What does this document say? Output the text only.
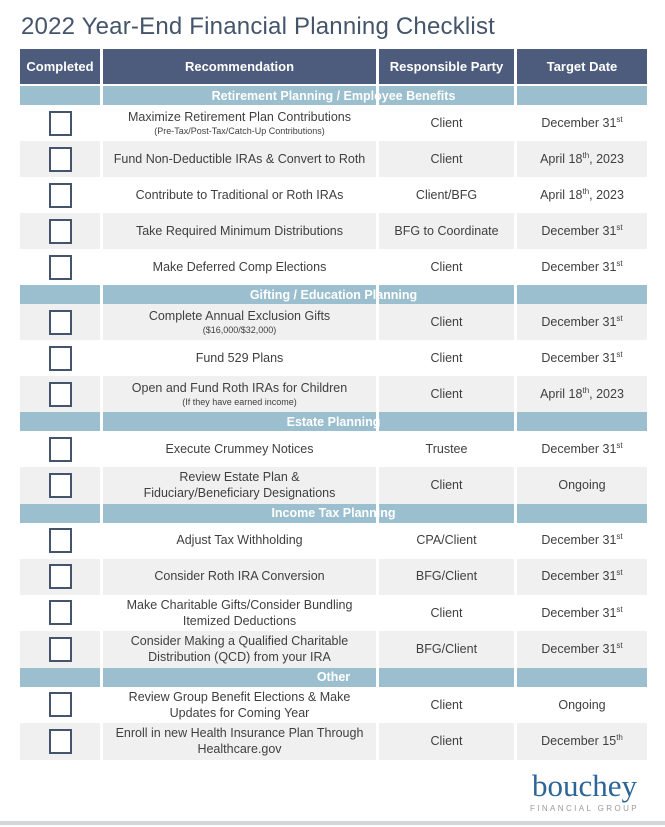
2022 Year-End Financial Planning Checklist
Completed	Recommendation	Responsible Party	Target Date
Retirement Planning / Employee Benefits
Maximize Retirement Plan Contributions
(Pre-Tax/Post-Tax/Catch-Up Contributions)
Client	December 31st
Fund Non-Deductible IRAs & Convert to Roth	Client	April 18th, 2023
Contribute to Traditional or Roth IRAs	Client/BFG	April 18th, 2023
Take Required Minimum Distributions	BFG to Coordinate	December 31st
Make Deferred Comp Elections	Client	December 31st
Gifting / Education Planning
Complete Annual Exclusion Gifts
($16,000/$32,000)
Client	December 31st
Fund 529 Plans	Client	December 31st
Open and Fund Roth IRAs for Children
(If they have earned income)
Client	April 18th, 2023
Estate Planning
Execute Crummey Notices	Trustee	December 31st
Review Estate Plan &
Fiduciary/Beneficiary Designations
Client	Ongoing
Income Tax Planning
Adjust Tax Withholding	CPA/Client	December 31st
Consider Roth IRA Conversion	BFG/Client	December 31st
Make Charitable Gifts/Consider Bundling
Itemized Deductions
Client	December 31st
Consider Making a Qualified Charitable
Distribution (QCD) from your IRA
BFG/Client	December 31st
Other
Review Group Benefit Elections & Make
Updates for Coming Year
Client	Ongoing
Enroll in new Health Insurance Plan Through
Healthcare.gov
Client	December 15th
bouchey
FINANCIAL GROUP
